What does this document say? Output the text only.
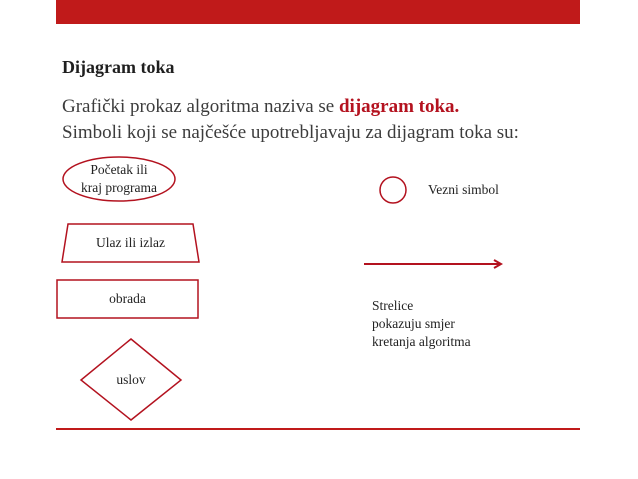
Dijagram toka
Grafički prokaz algoritma naziva se dijagram toka.
Simboli koji se najčešće upotrebljavaju za dijagram toka su:
Početak ili
kraj programa
Ulaz ili izlaz
obrada
uslov
Vezni simbol
Strelice
pokazuju smjer
kretanja algoritma
